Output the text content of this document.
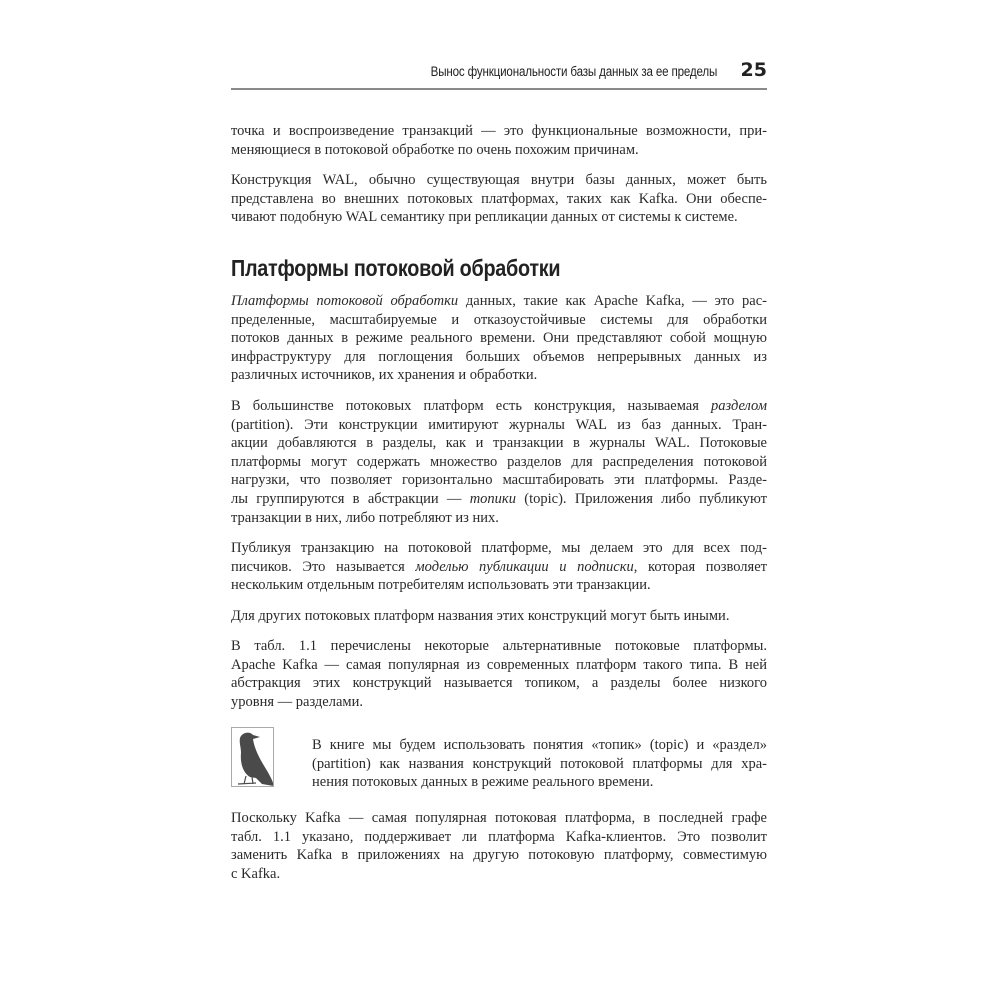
Вынос функциональности базы данных за ее пределы 25
Платформы потоковой обработки
точка и воспроизведение транзакций — это функциональные возможности, при-
меняющиеся в потоковой обработке по очень похожим причинам.
Конструкция WAL, обычно существующая внутри базы данных, может быть
представлена во внешних потоковых платформах, таких как Kafka. Они обеспе-
чивают подобную WAL семантику при репликации данных от системы к системе.
Платформы потоковой обработки данных, такие как Apache Kafka, — это рас-
пределенные, масштабируемые и отказоустойчивые системы для обработки
потоков данных в режиме реального времени. Они представляют собой мощную
инфраструктуру для поглощения больших объемов непрерывных данных из
различных источников, их хранения и обработки.
В большинстве потоковых платформ есть конструкция, называемая разделом
(partition). Эти конструкции имитируют журналы WAL из баз данных. Тран-
акции добавляются в разделы, как и транзакции в журналы WAL. Потоковые
платформы могут содержать множество разделов для распределения потоковой
нагрузки, что позволяет горизонтально масштабировать эти платформы. Разде-
лы группируются в абстракции — топики (topic). Приложения либо публикуют
транзакции в них, либо потребляют из них.
Публикуя транзакцию на потоковой платформе, мы делаем это для всех под-
писчиков. Это называется моделью публикации и подписки, которая позволяет
нескольким отдельным потребителям использовать эти транзакции.
Для других потоковых платформ названия этих конструкций могут быть иными.
В табл. 1.1 перечислены некоторые альтернативные потоковые платформы.
Apache Kafka — самая популярная из современных платформ такого типа. В ней
абстракция этих конструкций называется топиком, а разделы более низкого
уровня — разделами.
В книге мы будем использовать понятия «топик» (topic) и «раздел»
(partition) как названия конструкций потоковой платформы для хра-
нения потоковых данных в режиме реального времени.
Поскольку Kafka — самая популярная потоковая платформа, в последней графе
табл. 1.1 указано, поддерживает ли платформа Kafka-клиентов. Это позволит
заменить Kafka в приложениях на другую потоковую платформу, совместимую
с Kafka.
